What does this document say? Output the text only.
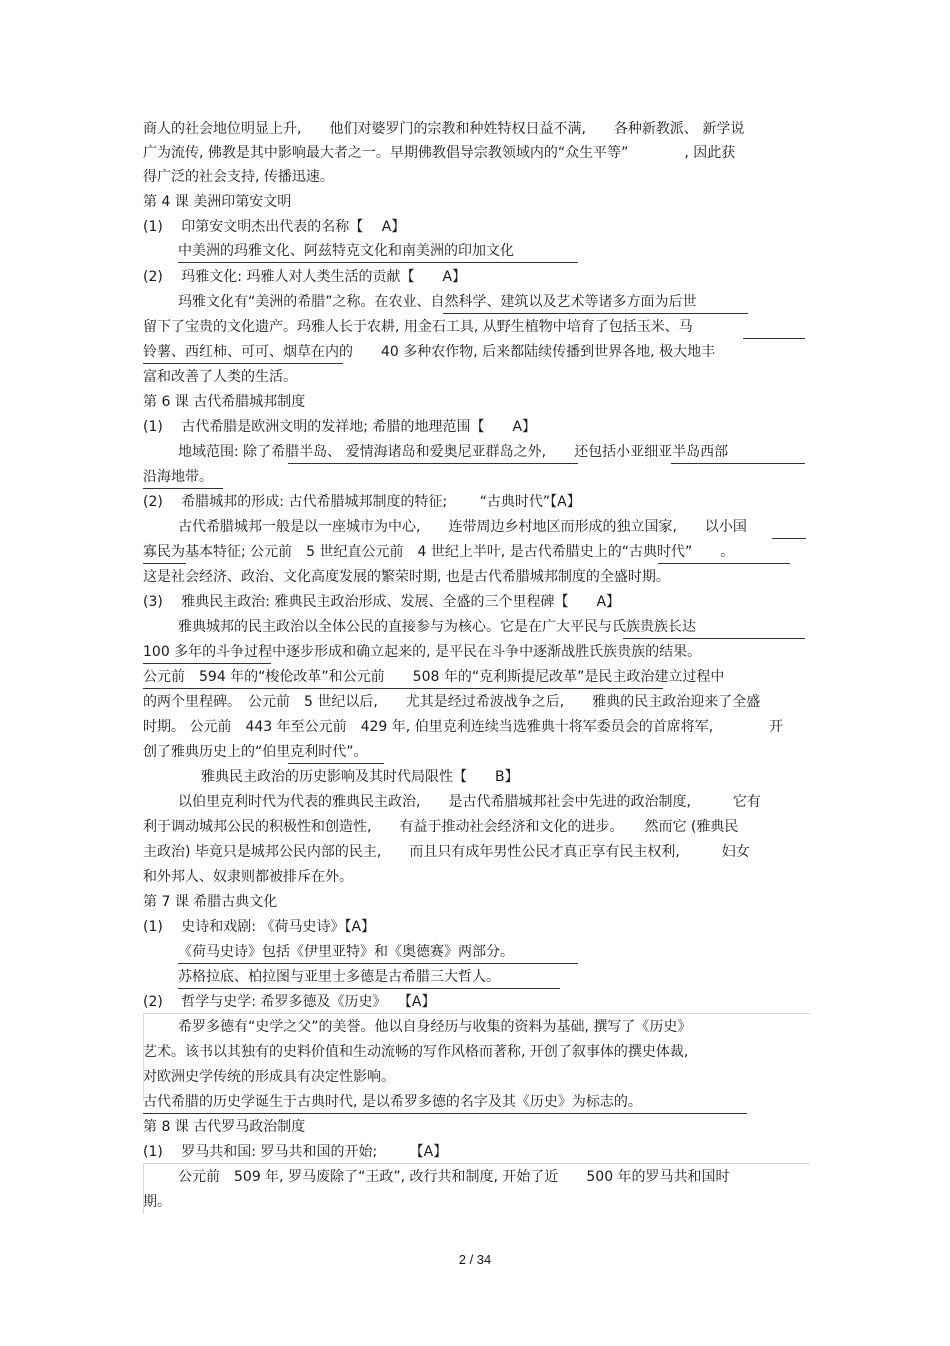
商人的社会地位明显上升,　　他们对婆罗门的宗教和种姓特权日益不满,　　各种新教派、 新学说
广为流传, 佛教是其中影响最大者之一。早期佛教倡导宗教领域内的“众生平等”　　　　, 因此获
得广泛的社会支持, 传播迅速。
第 4 课 美洲印第安文明
(1)　 印第安文明杰出代表的名称【　 A】
中美洲的玛雅文化、阿兹特克文化和南美洲的印加文化
(2)　 玛雅文化: 玛雅人对人类生活的贡献【　　A】
玛雅文化有“美洲的希腊”之称。在农业、自然科学、建筑以及艺术等诸多方面为后世
留下了宝贵的文化遗产。玛雅人长于农耕, 用金石工具, 从野生植物中培育了包括玉米、马
铃薯、西红柿、可可、烟草在内的　　40 多种农作物, 后来都陆续传播到世界各地, 极大地丰
富和改善了人类的生活。
第 6 课 古代希腊城邦制度
(1)　 古代希腊是欧洲文明的发祥地; 希腊的地理范围【　　A】
地域范围: 除了希腊半岛、 爱情海诸岛和爱奥尼亚群岛之外,　　还包括小亚细亚半岛西部
沿海地带。
(2)　 希腊城邦的形成: 古代希腊城邦制度的特征;　　 “古典时代”【A】
古代希腊城邦一般是以一座城市为中心,　　连带周边乡村地区而形成的独立国家,　　以小国
寡民为基本特征; 公元前　5 世纪直公元前　4 世纪上半叶, 是古代希腊史上的“古典时代”　　。
这是社会经济、政治、文化高度发展的繁荣时期, 也是古代希腊城邦制度的全盛时期。
(3)　 雅典民主政治: 雅典民主政治形成、发展、全盛的三个里程碑【　　A】
雅典城邦的民主政治以全体公民的直接参与为核心。它是在广大平民与氏族贵族长达
100 多年的斗争过程中逐步形成和确立起来的, 是平民在斗争中逐渐战胜氏族贵族的结果。
公元前　594 年的“梭伦改革”和公元前　　508 年的“克利斯提尼改革”是民主政治建立过程中
的两个里程碑。　公元前　5 世纪以后,　　尤其是经过希波战争之后,　　雅典的民主政治迎来了全盛
时期。 公元前　443 年至公元前　429 年, 伯里克利连续当选雅典十将军委员会的首席将军,　　　　开
创了雅典历史上的“伯里克利时代”。
雅典民主政治的历史影响及其时代局限性【　　B】
以伯里克利时代为代表的雅典民主政治,　　是古代希腊城邦社会中先进的政治制度,　　　它有
利于调动城邦公民的积极性和创造性,　　有益于推动社会经济和文化的进步。　　然而它 (雅典民
主政治) 毕竟只是城邦公民内部的民主,　　而且只有成年男性公民才真正享有民主权利,　　　妇女
和外邦人、奴隶则都被排斥在外。
第 7 课 希腊古典文化
(1)　 史诗和戏剧: 《荷马史诗》【A】
《荷马史诗》包括《伊里亚特》和《奥德赛》两部分。
苏格拉底、柏拉图与亚里士多德是古希腊三大哲人。
(2)　 哲学与史学: 希罗多德及《历史》　 【A】
希罗多德有“史学之父”的美誉。他以自身经历与收集的资料为基础, 撰写了《历史》
艺术。该书以其独有的史料价值和生动流畅的写作风格而著称, 开创了叙事体的撰史体裁,
对欧洲史学传统的形成具有决定性影响。
古代希腊的历史学诞生于古典时代, 是以希罗多德的名字及其《历史》为标志的。
第 8 课 古代罗马政治制度
(1)　 罗马共和国: 罗马共和国的开始;　　 【A】
公元前　509 年, 罗马废除了“王政”, 改行共和制度, 开始了近　　500 年的罗马共和国时
期。
2 / 34
